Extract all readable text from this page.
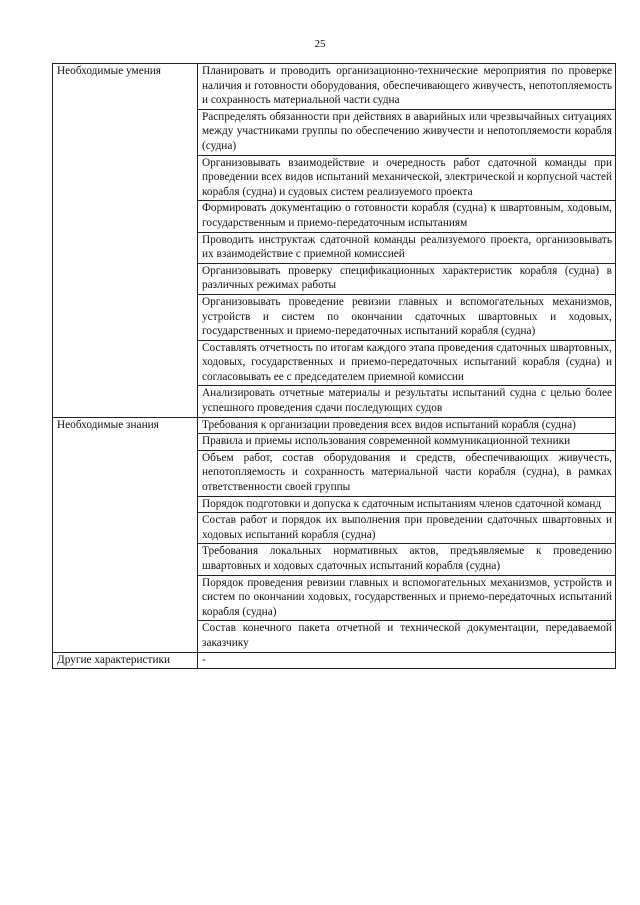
25
Необходимые умения	Планировать и проводить организационно-технические мероприятия по проверке наличия и готовности оборудования, обеспечивающего живучесть, непотопляемость и сохранность материальной части судна
	Распределять обязанности при действиях в аварийных или чрезвычайных ситуациях между участниками группы по обеспечению живучести и непотопляемости корабля (судна)
	Организовывать взаимодействие и очередность работ сдаточной команды при проведении всех видов испытаний механической, электрической и корпусной частей корабля (судна) и судовых систем реализуемого проекта
	Формировать документацию о готовности корабля (судна) к швартовным, ходовым, государственным и приемо-передаточным испытаниям
	Проводить инструктаж сдаточной команды реализуемого проекта, организовывать их взаимодействие с приемной комиссией
	Организовывать проверку спецификационных характеристик корабля (судна) в различных режимах работы
	Организовывать проведение ревизии главных и вспомогательных механизмов, устройств и систем по окончании сдаточных швартовных и ходовых, государственных и приемо-передаточных испытаний корабля (судна)
	Составлять отчетность по итогам каждого этапа проведения сдаточных швартовных, ходовых, государственных и приемо-передаточных испытаний корабля (судна) и согласовывать ее с председателем приемной комиссии
	Анализировать отчетные материалы и результаты испытаний судна с целью более успешного проведения сдачи последующих судов
Необходимые знания	Требования к организации проведения всех видов испытаний корабля (судна)
	Правила и приемы использования современной коммуникационной техники
	Объем работ, состав оборудования и средств, обеспечивающих живучесть, непотопляемость и сохранность материальной части корабля (судна), в рамках ответственности своей группы
	Порядок подготовки и допуска к сдаточным испытаниям членов сдаточной команд
	Состав работ и порядок их выполнения при проведении сдаточных швартовных и ходовых испытаний корабля (судна)
	Требования локальных нормативных актов, предъявляемые к проведению швартовных и ходовых сдаточных испытаний корабля (судна)
	Порядок проведения ревизии главных и вспомогательных механизмов, устройств и систем по окончании ходовых, государственных и приемо-передаточных испытаний корабля (судна)
	Состав конечного пакета отчетной и технической документации, передаваемой заказчику
Другие характеристики	-
